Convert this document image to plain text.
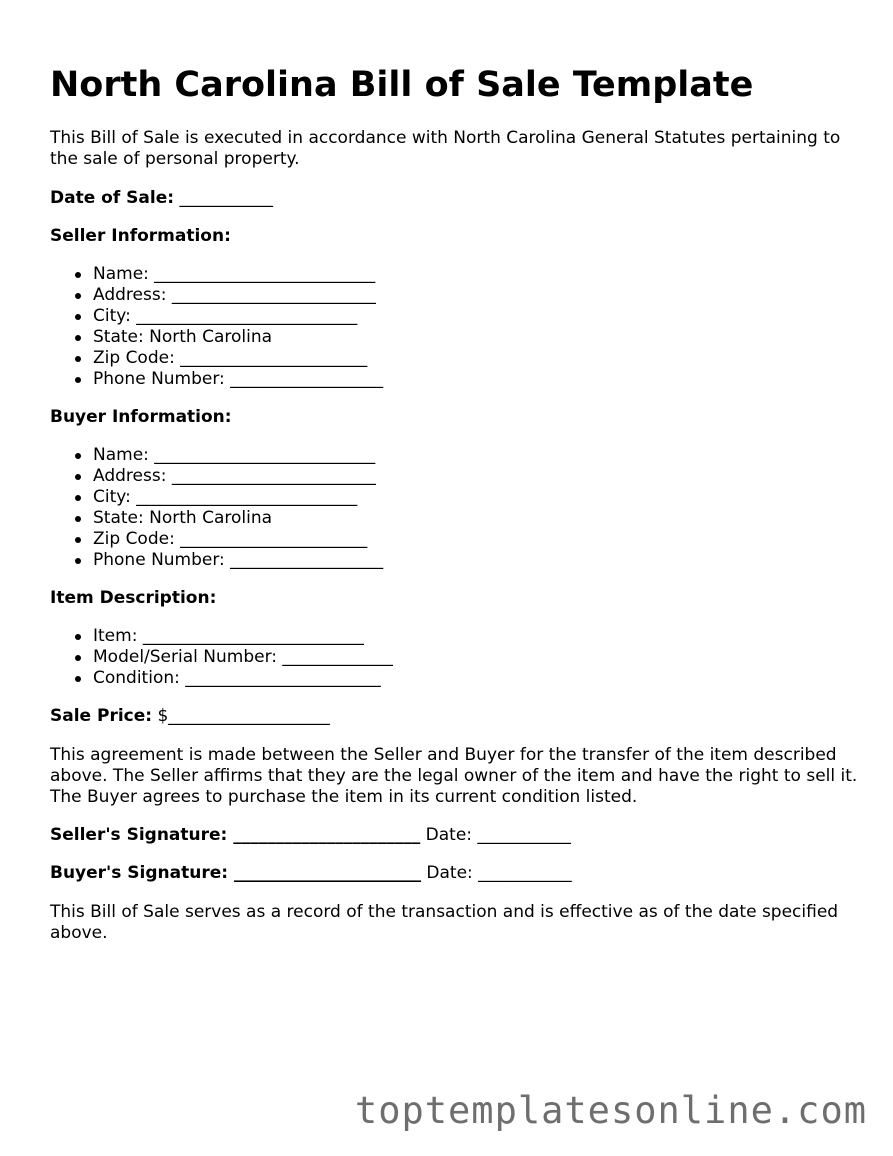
North Carolina Bill of Sale Template

This Bill of Sale is executed in accordance with North Carolina General Statutes pertaining to the sale of personal property.

Date of Sale: ___________
Seller Information:
Name: __________________________
Address: ________________________
City: __________________________
State: North Carolina
Zip Code: ______________________
Phone Number: __________________
Buyer Information:
Name: __________________________
Address: ________________________
City: __________________________
State: North Carolina
Zip Code: ______________________
Phone Number: __________________
Item Description:
Item: __________________________
Model/Serial Number: _____________
Condition: _______________________
Sale Price: $___________________

This agreement is made between the Seller and Buyer for the transfer of the item described above. The Seller affirms that they are the legal owner of the item and have the right to sell it. The Buyer agrees to purchase the item in its current condition listed.

Seller's Signature: ______________________ Date: ___________
Buyer's Signature: ______________________ Date: ___________

This Bill of Sale serves as a record of the transaction and is effective as of the date specified above.

toptemplatesonline.com
